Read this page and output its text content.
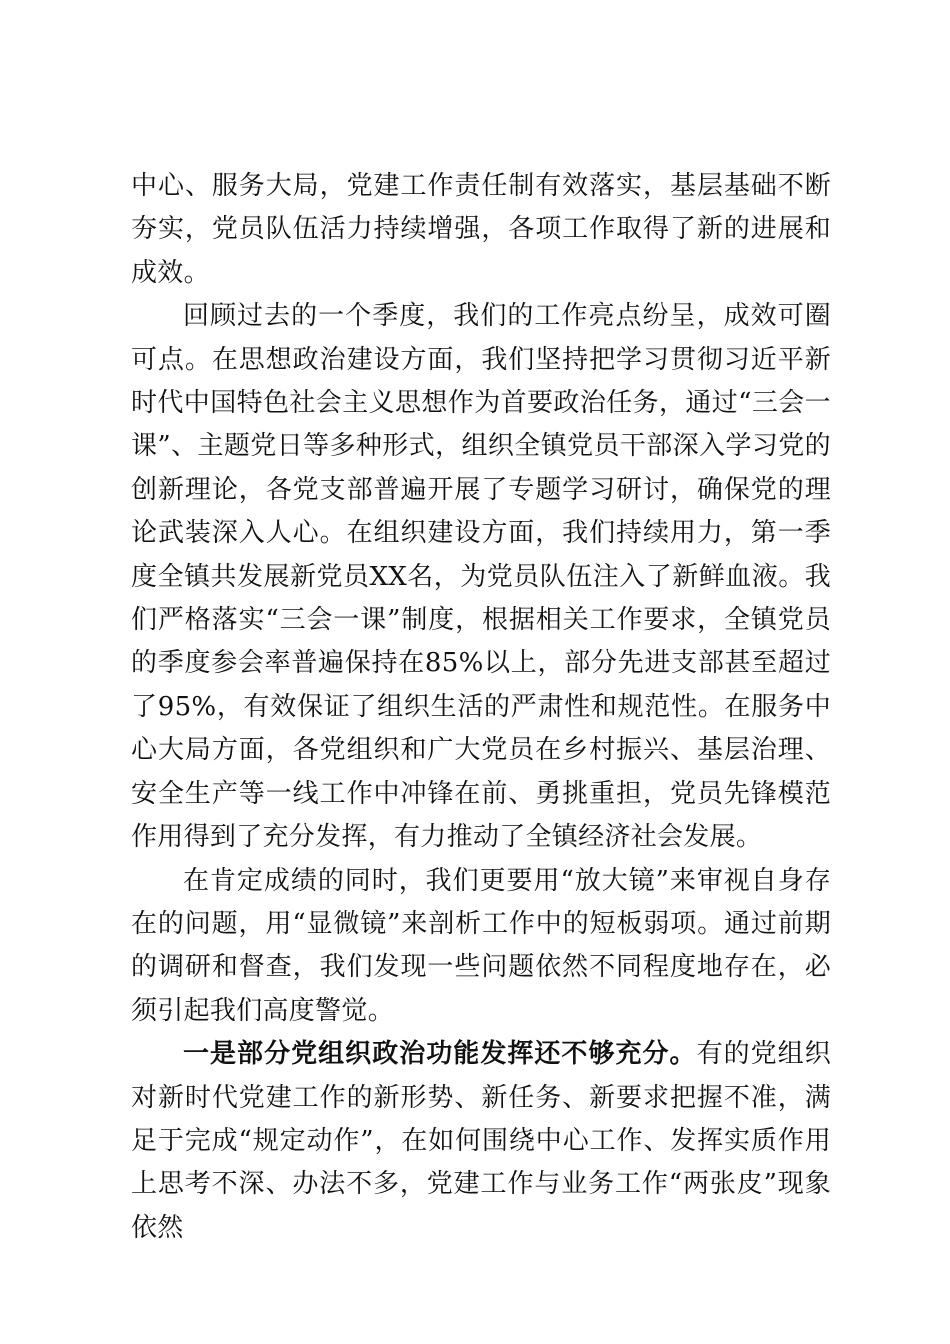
中心、服务大局，党建工作责任制有效落实，基层基础不断夯实，党员队伍活力持续增强，各项工作取得了新的进展和成效。

回顾过去的一个季度，我们的工作亮点纷呈，成效可圈可点。在思想政治建设方面，我们坚持把学习贯彻习近平新时代中国特色社会主义思想作为首要政治任务，通过“三会一课”、主题党日等多种形式，组织全镇党员干部深入学习党的创新理论，各党支部普遍开展了专题学习研讨，确保党的理论武装深入人心。在组织建设方面，我们持续用力，第一季度全镇共发展新党员XX名，为党员队伍注入了新鲜血液。我们严格落实“三会一课”制度，根据相关工作要求，全镇党员的季度参会率普遍保持在85%以上，部分先进支部甚至超过了95%，有效保证了组织生活的严肃性和规范性。在服务中心大局方面，各党组织和广大党员在乡村振兴、基层治理、安全生产等一线工作中冲锋在前、勇挑重担，党员先锋模范作用得到了充分发挥，有力推动了全镇经济社会发展。

在肯定成绩的同时，我们更要用“放大镜”来审视自身存在的问题，用“显微镜”来剖析工作中的短板弱项。通过前期的调研和督查，我们发现一些问题依然不同程度地存在，必须引起我们高度警觉。

一是部分党组织政治功能发挥还不够充分。有的党组织对新时代党建工作的新形势、新任务、新要求把握不准，满足于完成“规定动作”，在如何围绕中心工作、发挥实质作用上思考不深、办法不多，党建工作与业务工作“两张皮”现象依然
